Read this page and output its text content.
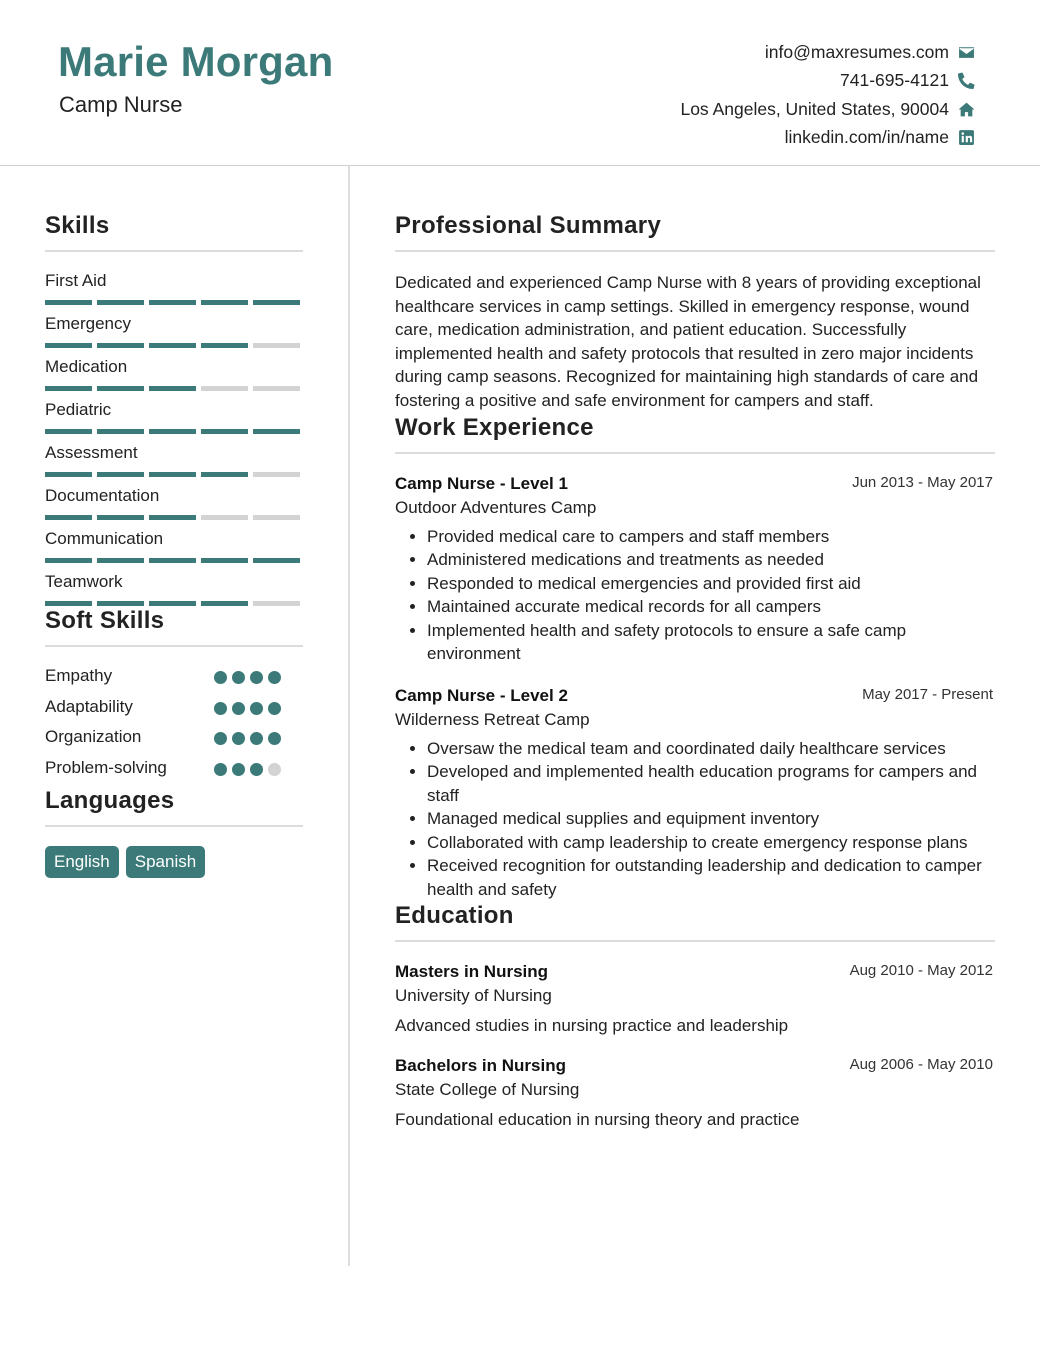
Marie Morgan
Camp Nurse
info@maxresumes.com
741-695-4121
Los Angeles, United States, 90004
linkedin.com/in/name
Skills
First Aid
Emergency
Medication
Pediatric
Assessment
Documentation
Communication
Teamwork
Soft Skills
Empathy
Adaptability
Organization
Problem-solving
Languages
English	Spanish
Professional Summary
Dedicated and experienced Camp Nurse with 8 years of providing exceptional healthcare services in camp settings. Skilled in emergency response, wound care, medication administration, and patient education. Successfully implemented health and safety protocols that resulted in zero major incidents during camp seasons. Recognized for maintaining high standards of care and fostering a positive and safe environment for campers and staff.
Work Experience
Camp Nurse - Level 1	Jun 2013 - May 2017
Outdoor Adventures Camp
• Provided medical care to campers and staff members
• Administered medications and treatments as needed
• Responded to medical emergencies and provided first aid
• Maintained accurate medical records for all campers
• Implemented health and safety protocols to ensure a safe camp environment
Camp Nurse - Level 2	May 2017 - Present
Wilderness Retreat Camp
• Oversaw the medical team and coordinated daily healthcare services
• Developed and implemented health education programs for campers and staff
• Managed medical supplies and equipment inventory
• Collaborated with camp leadership to create emergency response plans
• Received recognition for outstanding leadership and dedication to camper health and safety
Education
Masters in Nursing	Aug 2010 - May 2012
University of Nursing
Advanced studies in nursing practice and leadership
Bachelors in Nursing	Aug 2006 - May 2010
State College of Nursing
Foundational education in nursing theory and practice
